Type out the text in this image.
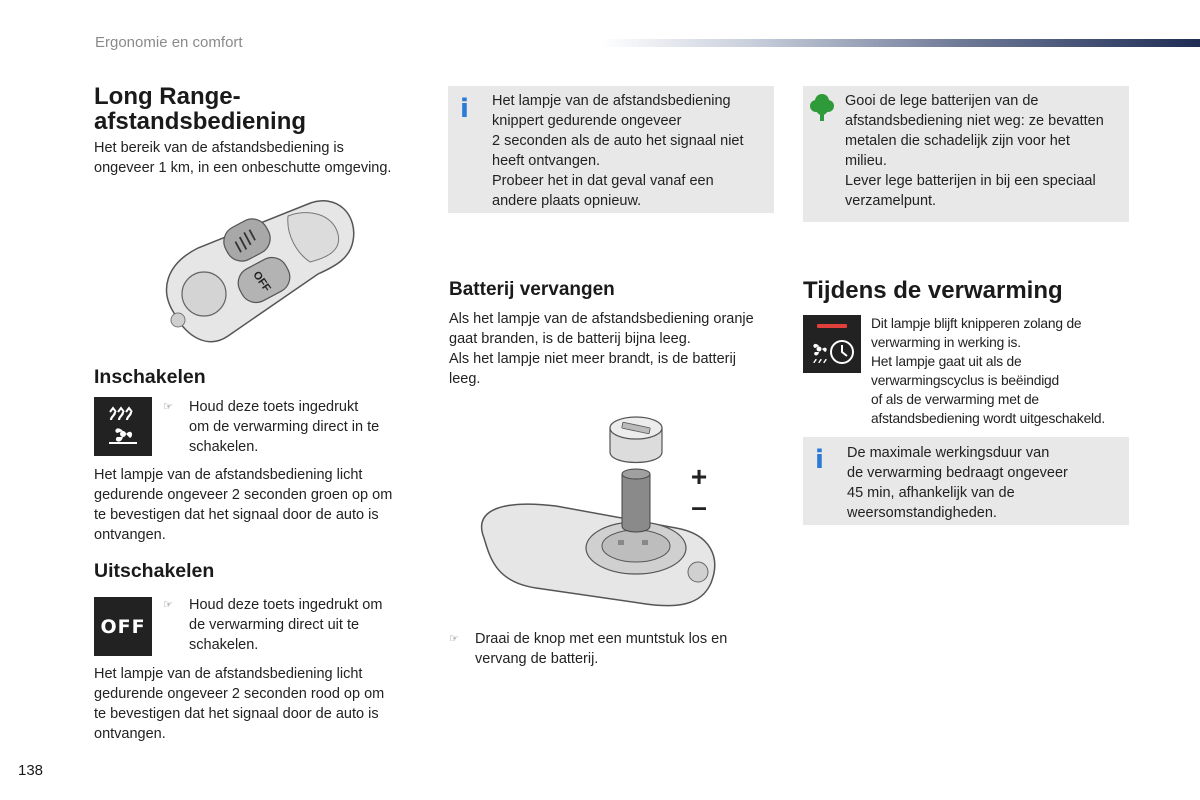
Ergonomie en comfort
Long Range-
afstandsbediening

Het bereik van de afstandsbediening is
ongeveer 1 km, in een onbeschutte omgeving.

OFF
Inschakelen
☞	Houd deze toets ingedrukt
om de verwarming direct in te
schakelen.

Het lampje van de afstandsbediening licht
gedurende ongeveer 2 seconden groen op om
te bevestigen dat het signaal door de auto is
ontvangen.

Uitschakelen
OFF
☞	Houd deze toets ingedrukt om
de verwarming direct uit te
schakelen.

Het lampje van de afstandsbediening licht
gedurende ongeveer 2 seconden rood op om
te bevestigen dat het signaal door de auto is
ontvangen.

i Het lampje van de afstandsbediening
knippert gedurende ongeveer
2 seconden als de auto het signaal niet
heeft ontvangen.
Probeer het in dat geval vanaf een
andere plaats opnieuw.

Batterij vervangen

Als het lampje van de afstandsbediening oranje
gaat branden, is de batterij bijna leeg.
Als het lampje niet meer brandt, is de batterij
leeg.

+
–
☞	Draai de knop met een muntstuk los en
vervang de batterij.

Gooi de lege batterijen van de
afstandsbediening niet weg: ze bevatten
metalen die schadelijk zijn voor het
milieu.
Lever lege batterijen in bij een speciaal
verzamelpunt.

Tijdens de verwarming

Dit lampje blijft knipperen zolang de
verwarming in werking is.
Het lampje gaat uit als de
verwarmingscyclus is beëindigd
of als de verwarming met de
afstandsbediening wordt uitgeschakeld.

i De maximale werkingsduur van
de verwarming bedraagt ongeveer
45 min, afhankelijk van de
weersomstandigheden.

138
